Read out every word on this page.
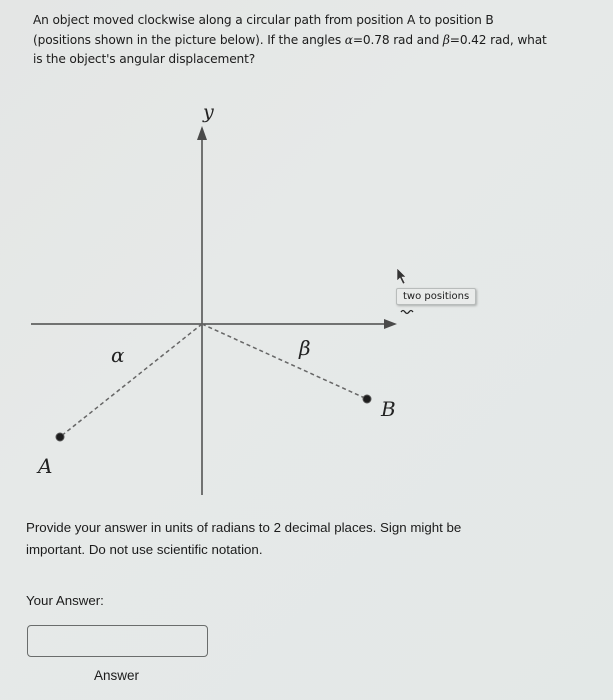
An object moved clockwise along a circular path from position A to position B
(positions shown in the picture below). If the angles α=0.78 rad and β=0.42 rad, what
is the object's angular displacement?
y
A
B
α	β
two positions
Provide your answer in units of radians to 2 decimal places. Sign might be
important. Do not use scientific notation.
Your Answer:
Answer
